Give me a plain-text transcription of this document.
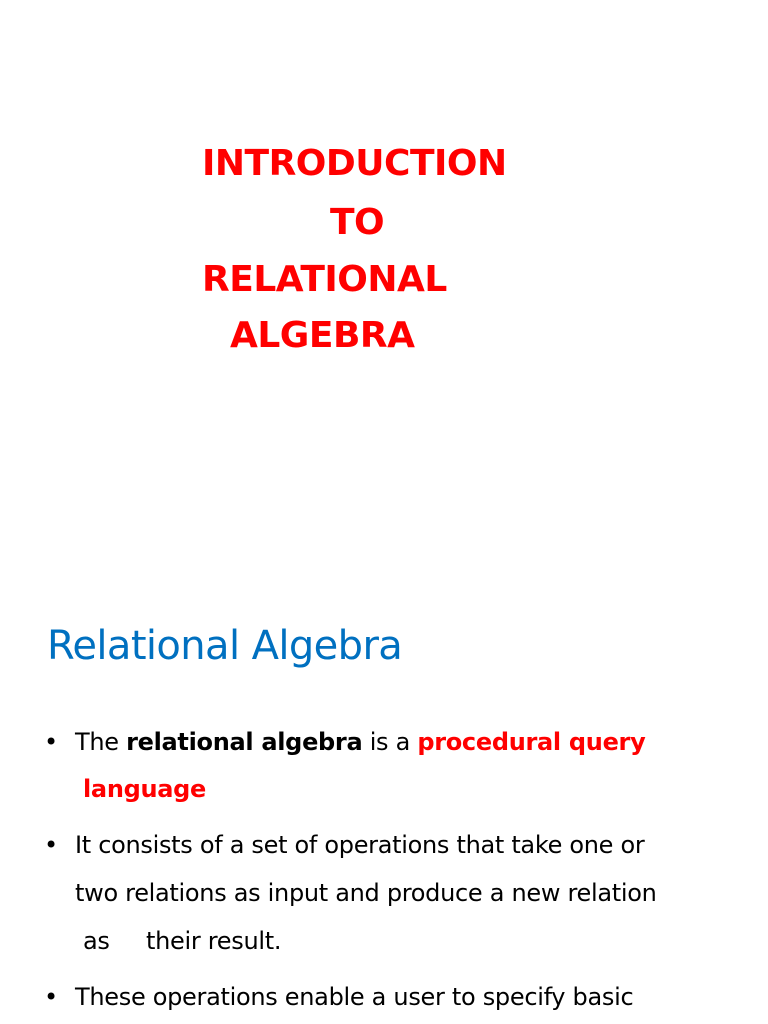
INTRODUCTION
TO
RELATIONAL
ALGEBRA
Relational Algebra
• The relational algebra is a procedural query
language
• It consists of a set of operations that take one or
two relations as input and produce a new relation
as their result.
• These operations enable a user to specify basic
